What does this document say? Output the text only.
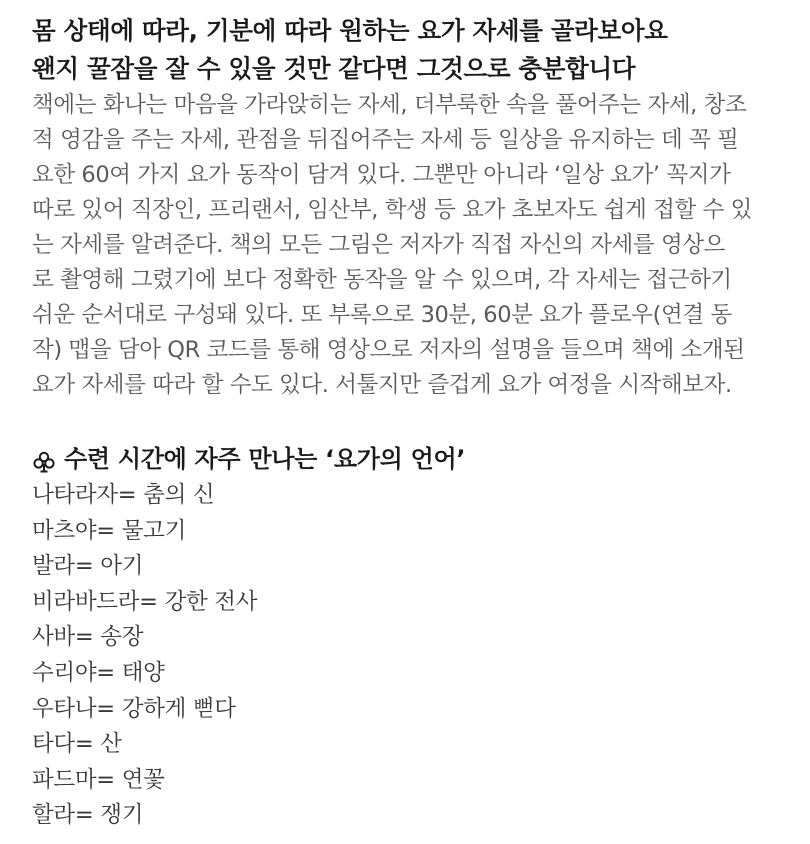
몸 상태에 따라, 기분에 따라 원하는 요가 자세를 골라보아요
왠지 꿀잠을 잘 수 있을 것만 같다면 그것으로 충분합니다
책에는 화나는 마음을 가라앉히는 자세, 더부룩한 속을 풀어주는 자세, 창조
적 영감을 주는 자세, 관점을 뒤집어주는 자세 등 일상을 유지하는 데 꼭 필
요한 60여 가지 요가 동작이 담겨 있다. 그뿐만 아니라 ‘일상 요가’ 꼭지가
따로 있어 직장인, 프리랜서, 임산부, 학생 등 요가 초보자도 쉽게 접할 수 있
는 자세를 알려준다. 책의 모든 그림은 저자가 직접 자신의 자세를 영상으
로 촬영해 그렸기에 보다 정확한 동작을 알 수 있으며, 각 자세는 접근하기
쉬운 순서대로 구성돼 있다. 또 부록으로 30분, 60분 요가 플로우(연결 동
작) 맵을 담아 QR 코드를 통해 영상으로 저자의 설명을 들으며 책에 소개된
요가 자세를 따라 할 수도 있다. 서툴지만 즐겁게 요가 여정을 시작해보자.
수련 시간에 자주 만나는 ‘요가의 언어’
나타라자= 춤의 신
마츠야= 물고기
발라= 아기
비라바드라= 강한 전사
사바= 송장
수리야= 태양
우타나= 강하게 뻗다
타다= 산
파드마= 연꽃
할라= 쟁기
